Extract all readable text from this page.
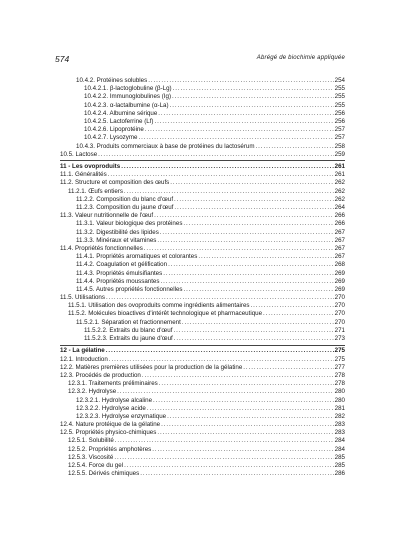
574	Abrégé de biochimie appliquée
10.4.2. Protéines solubles . . .	254
10.4.2.1. β-lactoglobuline (β-Lg) . . .	255
10.4.2.2. Immunoglobulines (Ig) . . .	255
10.4.2.3. α-lactalbumine (α-La) . . .	255
10.4.2.4. Albumine sérique . . .	256
10.4.2.5. Lactoferrine (Lf) . . .	256
10.4.2.6. Lipoprotéine . . .	257
10.4.2.7. Lysozyme . . .	257
10.4.3. Produits commerciaux à base de protéines du lactosérum . . .	258
10.5. Lactose . . .	259
11 - Les ovoproduits . . .	261
11.1. Généralités . . .	261
11.2. Structure et composition des œufs . . .	262
11.2.1. Œufs entiers . . .	262
11.2.2. Composition du blanc d'œuf . . .	262
11.2.3. Composition du jaune d'œuf . . .	264
11.3. Valeur nutritionnelle de l'œuf . . .	266
11.3.1. Valeur biologique des protéines . . .	266
11.3.2. Digestibilité des lipides . . .	267
11.3.3. Minéraux et vitamines . . .	267
11.4. Propriétés fonctionnelles . . .	267
11.4.1. Propriétés aromatiques et colorantes . . .	267
11.4.2. Coagulation et gélification . . .	268
11.4.3. Propriétés émulsifiantes . . .	269
11.4.4. Propriétés moussantes . . .	269
11.4.5. Autres propriétés fonctionnelles . . .	269
11.5. Utilisations . . .	270
11.5.1. Utilisation des ovoproduits comme ingrédients alimentaires . . .	270
11.5.2. Molécules bioactives d'intérêt technologique et pharmaceutique . . .	270
11.5.2.1. Séparation et fractionnement . . .	270
11.5.2.2. Extraits du blanc d'œuf . . .	271
11.5.2.3. Extraits du jaune d'œuf . . .	273
12 - La gélatine . . .	275
12.1. Introduction . . .	275
12.2. Matières premières utilisées pour la production de la gélatine . . .	277
12.3. Procédés de production . . .	278
12.3.1. Traitements préliminaires . . .	278
12.3.2. Hydrolyse . . .	280
12.3.2.1. Hydrolyse alcaline . . .	280
12.3.2.2. Hydrolyse acide . . .	281
12.3.2.3. Hydrolyse enzymatique . . .	282
12.4. Nature protéique de la gélatine . . .	283
12.5. Propriétés physico-chimiques . . .	283
12.5.1. Solubilité . . .	284
12.5.2. Propriétés amphotères . . .	284
12.5.3. Viscosité . . .	285
12.5.4. Force du gel . . .	285
12.5.5. Dérivés chimiques . . .	286
